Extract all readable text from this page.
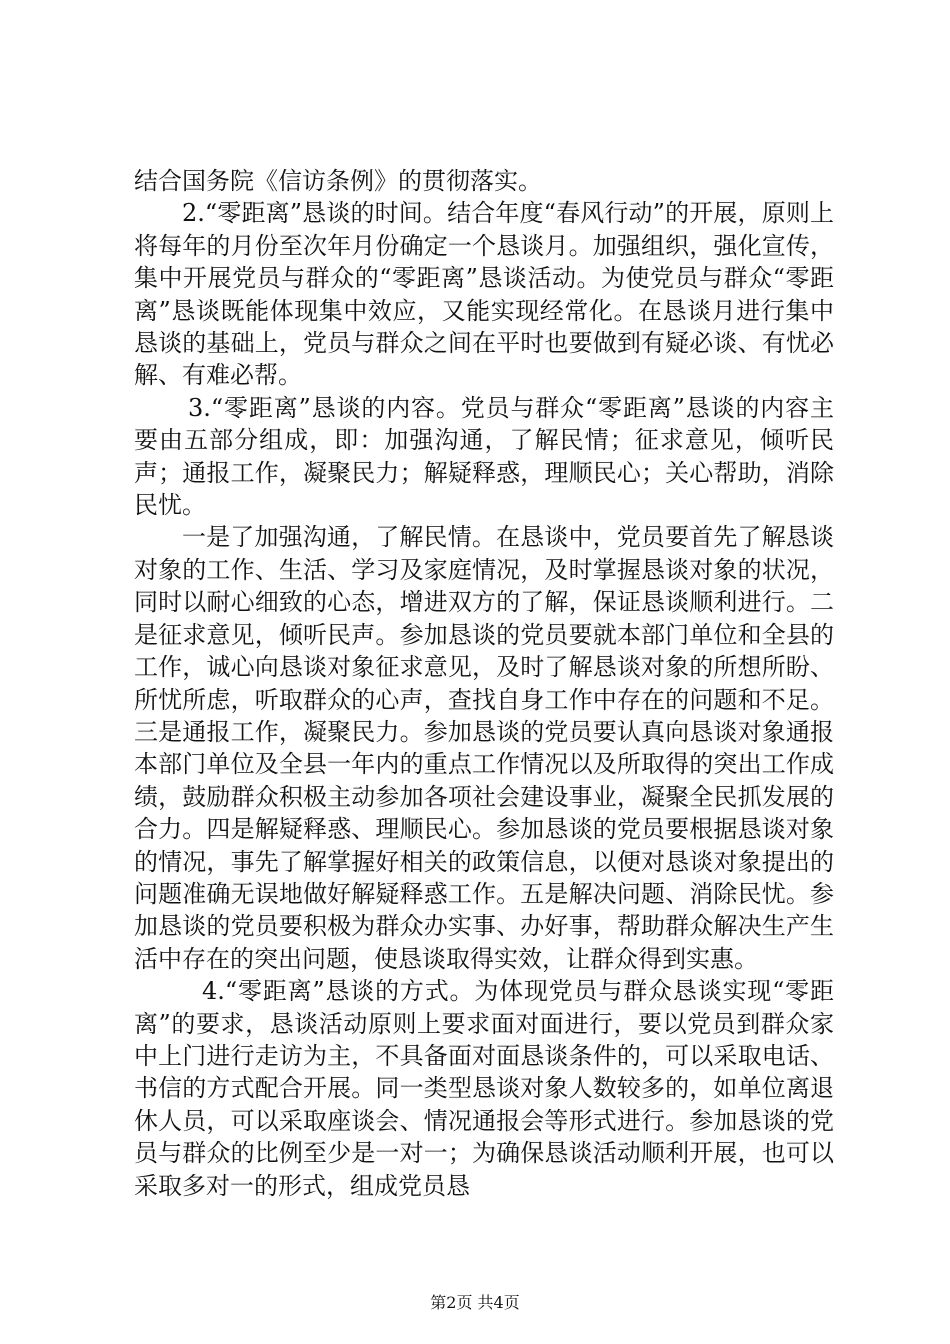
结合国务院《信访条例》的贯彻落实。

2.“零距离”恳谈的时间。结合年度“春风行动”的开展，原则上将每年的月份至次年月份确定一个恳谈月。加强组织，强化宣传，集中开展党员与群众的“零距离”恳谈活动。为使党员与群众“零距离”恳谈既能体现集中效应，又能实现经常化。在恳谈月进行集中恳谈的基础上，党员与群众之间在平时也要做到有疑必谈、有忧必解、有难必帮。

3.“零距离”恳谈的内容。党员与群众“零距离”恳谈的内容主要由五部分组成，即：加强沟通，了解民情；征求意见，倾听民声；通报工作，凝聚民力；解疑释惑，理顺民心；关心帮助，消除民忧。

一是了加强沟通，了解民情。在恳谈中，党员要首先了解恳谈对象的工作、生活、学习及家庭情况，及时掌握恳谈对象的状况，同时以耐心细致的心态，增进双方的了解，保证恳谈顺利进行。二是征求意见，倾听民声。参加恳谈的党员要就本部门单位和全县的工作，诚心向恳谈对象征求意见，及时了解恳谈对象的所想所盼、所忧所虑，听取群众的心声，查找自身工作中存在的问题和不足。三是通报工作，凝聚民力。参加恳谈的党员要认真向恳谈对象通报本部门单位及全县一年内的重点工作情况以及所取得的突出工作成绩，鼓励群众积极主动参加各项社会建设事业，凝聚全民抓发展的合力。四是解疑释惑、理顺民心。参加恳谈的党员要根据恳谈对象的情况，事先了解掌握好相关的政策信息，以便对恳谈对象提出的问题准确无误地做好解疑释惑工作。五是解决问题、消除民忧。参加恳谈的党员要积极为群众办实事、办好事，帮助群众解决生产生活中存在的突出问题，使恳谈取得实效，让群众得到实惠。

4.“零距离”恳谈的方式。为体现党员与群众恳谈实现“零距离”的要求，恳谈活动原则上要求面对面进行，要以党员到群众家中上门进行走访为主，不具备面对面恳谈条件的，可以采取电话、书信的方式配合开展。同一类型恳谈对象人数较多的，如单位离退休人员，可以采取座谈会、情况通报会等形式进行。参加恳谈的党员与群众的比例至少是一对一；为确保恳谈活动顺利开展，也可以采取多对一的形式，组成党员恳

第2页 共4页
